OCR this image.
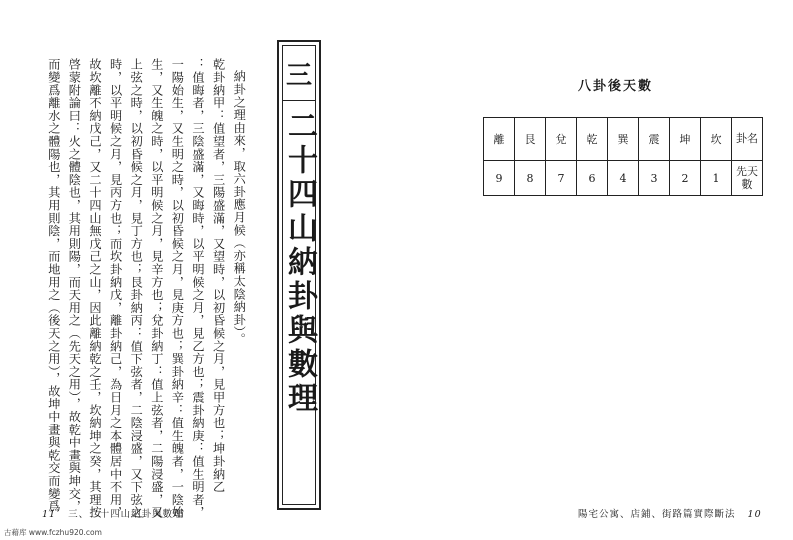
納卦之理由來，取六卦應月候（亦稱太陰納卦）。
乾卦納甲：值望者，三陽盛滿，又望時，以初昏候之月，見甲方也；坤卦納乙
：值晦者，三陰盛滿，又晦時，以平明候之月，見乙方也；震卦納庚：值生明者，
一陽始生，又生明之時，以初昏候之月，見庚方也；巽卦納辛：值生魄者，一陰始
生，又生魄之時，以平明候之月，見辛方也；兌卦納丁：值上弦者，二陽浸盛，又
上弦之時，以初昏候之月，見丁方也；艮卦納丙：值下弦者，二陰浸盛，又下弦之
時，以平明候之月，見丙方也；而坎卦納戊，離卦納己，為日月之本體居中不用，
故坎離不納戊己，又二十四山無戊己之山，因此離納乾之壬，坎納坤之癸，其理按
啓蒙附論曰：火之體陰也，其用則陽，而天用之（先天之用），故乾中畫與坤交，
而變爲離水之體陽也，其用則陰，而地用之（後天之用），故坤中畫與乾交而變爲	三
二十四山納卦與數理
11 三、二十四山納卦與數理
八卦後天數
離	艮	兌	乾	巽	震	坤	坎	卦名
9	8	7	6	4	3	2	1	先天數
陽宅公寓、店鋪、街路篇實際斷法 10
古藉库 www.fczhu920.com
